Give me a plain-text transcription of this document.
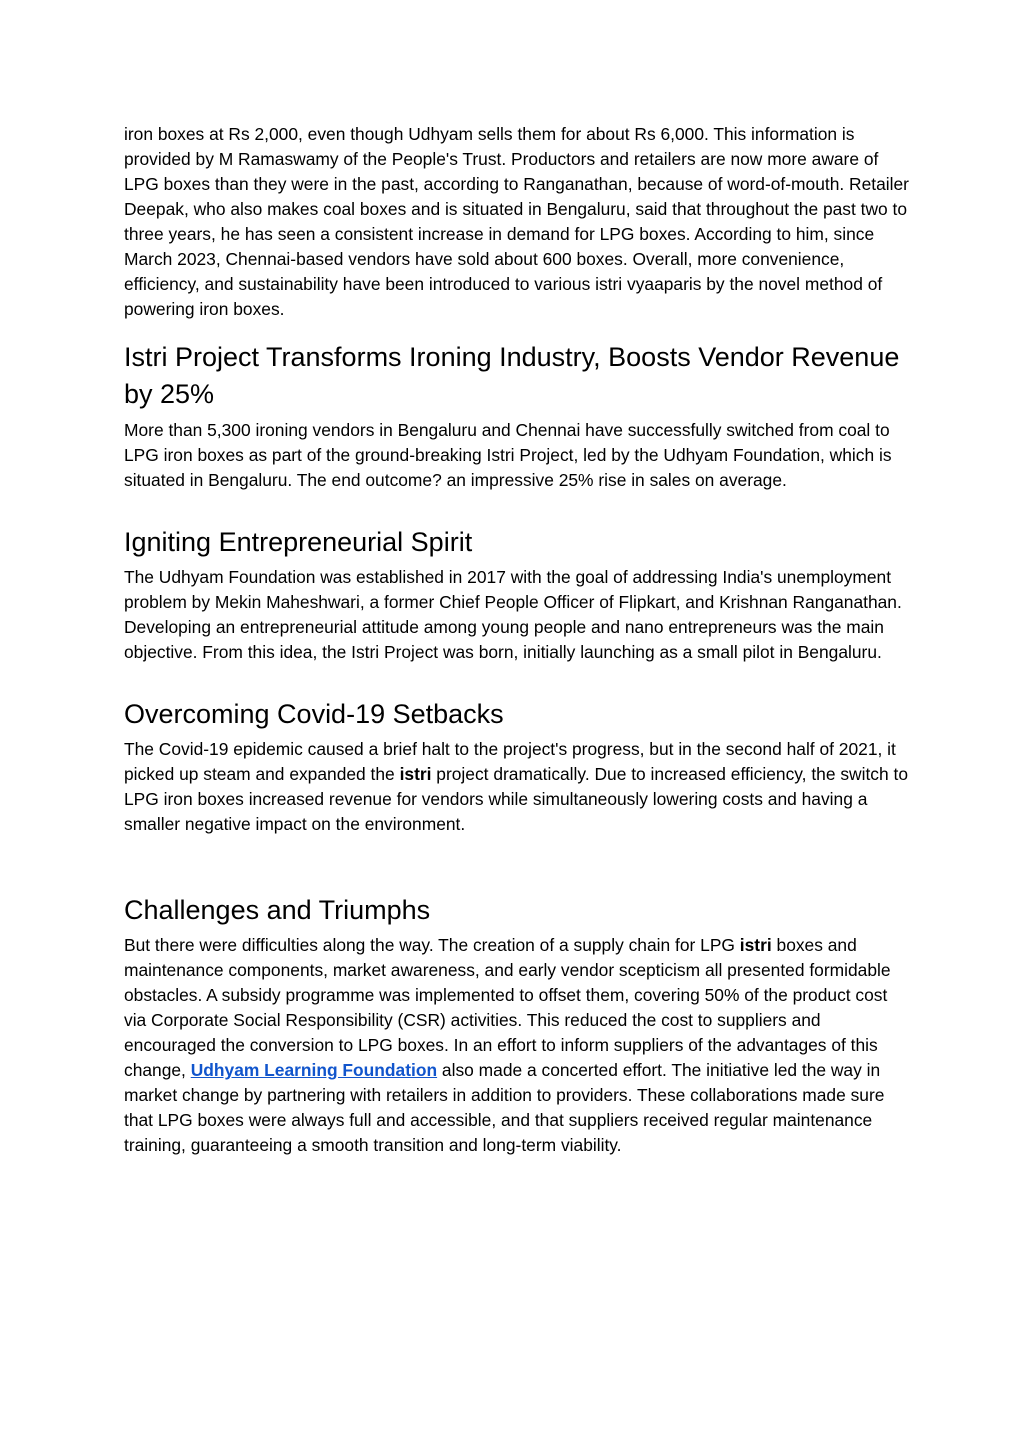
iron boxes at Rs 2,000, even though Udhyam sells them for about Rs 6,000. This information is provided by M Ramaswamy of the People's Trust. Productors and retailers are now more aware of LPG boxes than they were in the past, according to Ranganathan, because of word-of-mouth. Retailer Deepak, who also makes coal boxes and is situated in Bengaluru, said that throughout the past two to three years, he has seen a consistent increase in demand for LPG boxes. According to him, since March 2023, Chennai-based vendors have sold about 600 boxes. Overall, more convenience, efficiency, and sustainability have been introduced to various istri vyaaparis by the novel method of powering iron boxes.

Istri Project Transforms Ironing Industry, Boosts Vendor Revenue by 25%

More than 5,300 ironing vendors in Bengaluru and Chennai have successfully switched from coal to LPG iron boxes as part of the ground-breaking Istri Project, led by the Udhyam Foundation, which is situated in Bengaluru. The end outcome? an impressive 25% rise in sales on average.

Igniting Entrepreneurial Spirit

The Udhyam Foundation was established in 2017 with the goal of addressing India's unemployment problem by Mekin Maheshwari, a former Chief People Officer of Flipkart, and Krishnan Ranganathan. Developing an entrepreneurial attitude among young people and nano entrepreneurs was the main objective. From this idea, the Istri Project was born, initially launching as a small pilot in Bengaluru.

Overcoming Covid-19 Setbacks

The Covid-19 epidemic caused a brief halt to the project's progress, but in the second half of 2021, it picked up steam and expanded the istri project dramatically. Due to increased efficiency, the switch to LPG iron boxes increased revenue for vendors while simultaneously lowering costs and having a smaller negative impact on the environment.

Challenges and Triumphs

But there were difficulties along the way. The creation of a supply chain for LPG istri boxes and maintenance components, market awareness, and early vendor scepticism all presented formidable obstacles. A subsidy programme was implemented to offset them, covering 50% of the product cost via Corporate Social Responsibility (CSR) activities. This reduced the cost to suppliers and encouraged the conversion to LPG boxes. In an effort to inform suppliers of the advantages of this change, Udhyam Learning Foundation also made a concerted effort. The initiative led the way in market change by partnering with retailers in addition to providers. These collaborations made sure that LPG boxes were always full and accessible, and that suppliers received regular maintenance training, guaranteeing a smooth transition and long-term viability.
